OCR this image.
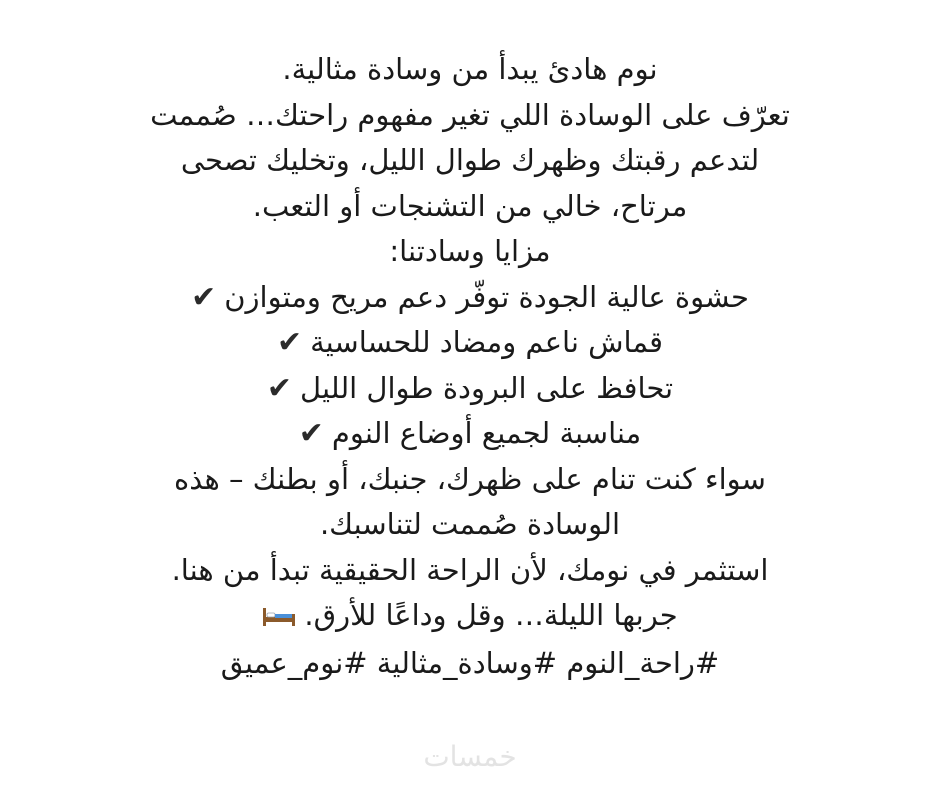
نوم هادئ يبدأ من وسادة مثالية.
تعرّف على الوسادة اللي تغير مفهوم راحتك… صُممت
لتدعم رقبتك وظهرك طوال الليل، وتخليك تصحى
مرتاح، خالي من التشنجات أو التعب.
مزايا وسادتنا:
حشوة عالية الجودة توفّر دعم مريح ومتوازن✔
قماش ناعم ومضاد للحساسية✔
تحافظ على البرودة طوال الليل✔
مناسبة لجميع أوضاع النوم✔
سواء كنت تنام على ظهرك، جنبك، أو بطنك – هذه
الوسادة صُممت لتناسبك.
استثمر في نومك، لأن الراحة الحقيقية تبدأ من هنا.
جربها الليلة… وقل وداعًا للأرق.
#راحة_النوم #وسادة_مثالية #نوم_عميق
خمسات
